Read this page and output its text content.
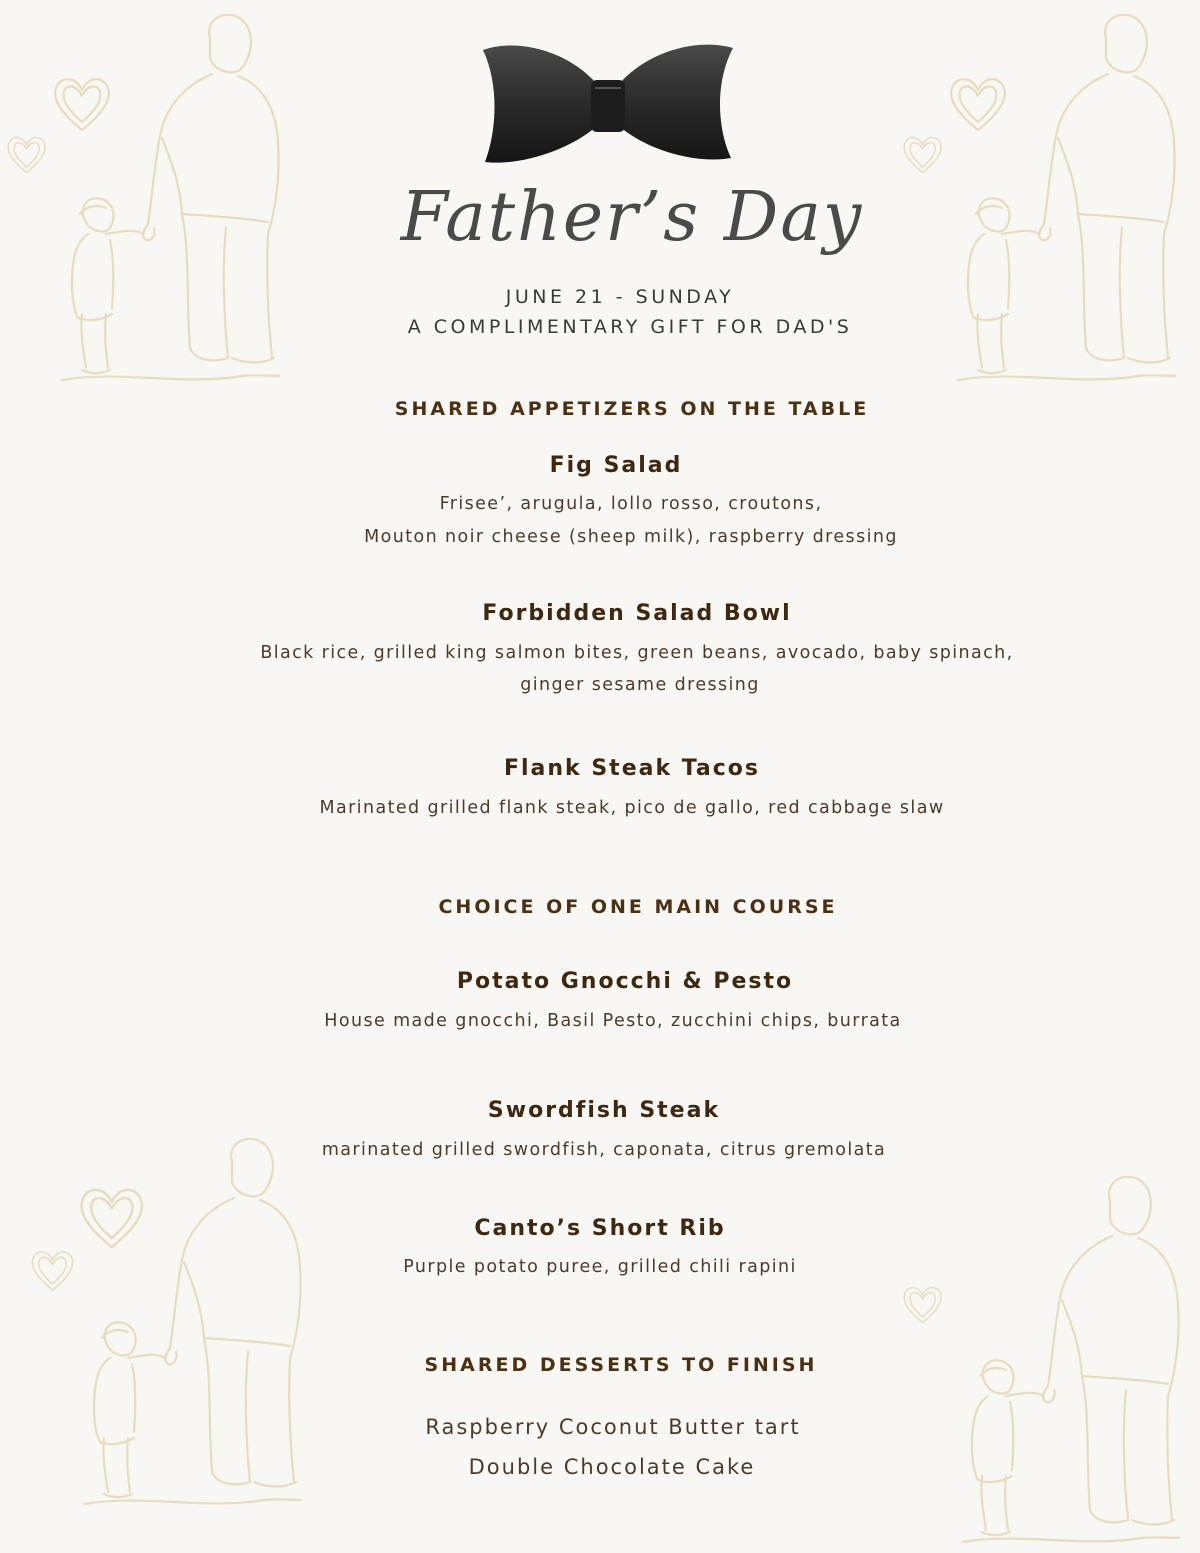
Father’s Day
JUNE 21 - SUNDAY
A COMPLIMENTARY GIFT FOR DAD'S
SHARED APPETIZERS ON THE TABLE
Fig Salad
Frisee’, arugula, lollo rosso, croutons,
Mouton noir cheese (sheep milk), raspberry dressing
Forbidden Salad Bowl
Black rice, grilled king salmon bites, green beans, avocado, baby spinach,
ginger sesame dressing
Flank Steak Tacos
Marinated grilled flank steak, pico de gallo, red cabbage slaw
CHOICE OF ONE MAIN COURSE
Potato Gnocchi & Pesto
House made gnocchi, Basil Pesto, zucchini chips, burrata
Swordfish Steak
marinated grilled swordfish, caponata, citrus gremolata
Canto’s Short Rib
Purple potato puree, grilled chili rapini
SHARED DESSERTS TO FINISH
Raspberry Coconut Butter tart
Double Chocolate Cake
